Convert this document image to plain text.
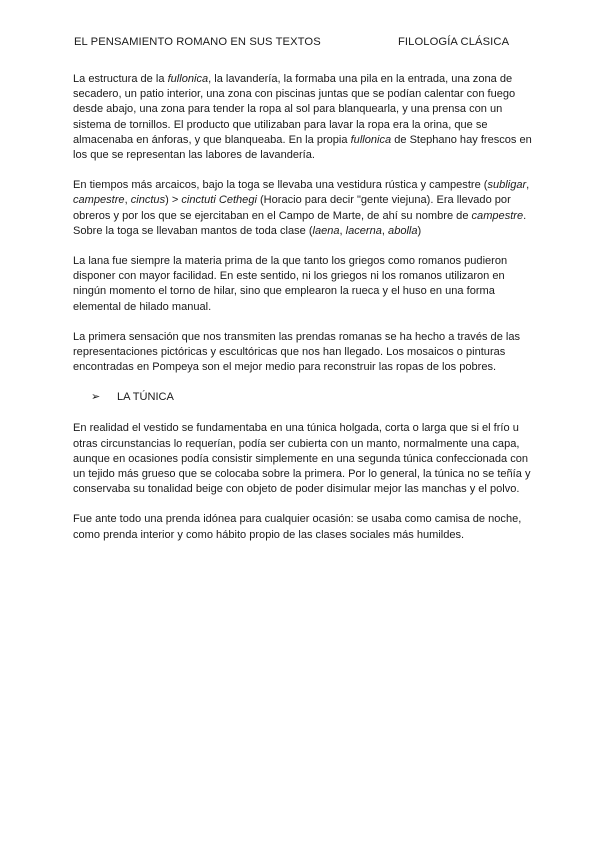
EL PENSAMIENTO ROMANO EN SUS TEXTOS	FILOLOGÍA CLÁSICA

La estructura de la fullonica, la lavandería, la formaba una pila en la entrada, una zona de secadero, un patio interior, una zona con piscinas juntas que se podían calentar con fuego desde abajo, una zona para tender la ropa al sol para blanquearla, y una prensa con un sistema de tornillos. El producto que utilizaban para lavar la ropa era la orina, que se almacenaba en ánforas, y que blanqueaba. En la propia fullonica de Stephano hay frescos en los que se representan las labores de lavandería.

En tiempos más arcaicos, bajo la toga se llevaba una vestidura rústica y campestre (subligar, campestre, cinctus) > cinctuti Cethegi (Horacio para decir "gente viejuna). Era llevado por obreros y por los que se ejercitaban en el Campo de Marte, de ahí su nombre de campestre. Sobre la toga se llevaban mantos de toda clase (laena, lacerna, abolla)

La lana fue siempre la materia prima de la que tanto los griegos como romanos pudieron disponer con mayor facilidad. En este sentido, ni los griegos ni los romanos utilizaron en ningún momento el torno de hilar, sino que emplearon la rueca y el huso en una forma elemental de hilado manual.

La primera sensación que nos transmiten las prendas romanas se ha hecho a través de las representaciones pictóricas y escultóricas que nos han llegado. Los mosaicos o pinturas encontradas en Pompeya son el mejor medio para reconstruir las ropas de los pobres.

➢ LA TÚNICA

En realidad el vestido se fundamentaba en una túnica holgada, corta o larga que si el frío u otras circunstancias lo requerían, podía ser cubierta con un manto, normalmente una capa, aunque en ocasiones podía consistir simplemente en una segunda túnica confeccionada con un tejido más grueso que se colocaba sobre la primera. Por lo general, la túnica no se teñía y conservaba su tonalidad beige con objeto de poder disimular mejor las manchas y el polvo.

Fue ante todo una prenda idónea para cualquier ocasión: se usaba como camisa de noche, como prenda interior y como hábito propio de las clases sociales más humildes.
